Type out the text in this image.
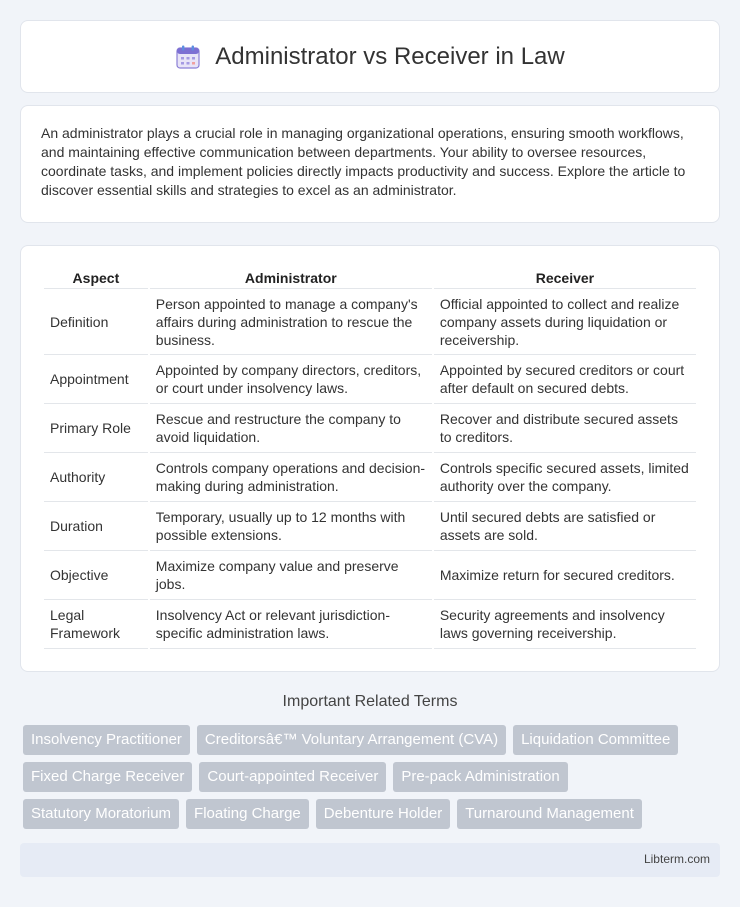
Administrator vs Receiver in Law

An administrator plays a crucial role in managing organizational operations, ensuring smooth workflows, and maintaining effective communication between departments. Your ability to oversee resources, coordinate tasks, and implement policies directly impacts productivity and success. Explore the article to discover essential skills and strategies to excel as an administrator.

Aspect	Administrator	Receiver
Definition	Person appointed to manage a company's affairs during administration to rescue the business.	Official appointed to collect and realize company assets during liquidation or receivership.
Appointment	Appointed by company directors, creditors, or court under insolvency laws.	Appointed by secured creditors or court after default on secured debts.
Primary Role	Rescue and restructure the company to avoid liquidation.	Recover and distribute secured assets to creditors.
Authority	Controls company operations and decision-making during administration.	Controls specific secured assets, limited authority over the company.
Duration	Temporary, usually up to 12 months with possible extensions.	Until secured debts are satisfied or assets are sold.
Objective	Maximize company value and preserve jobs.	Maximize return for secured creditors.
Legal Framework	Insolvency Act or relevant jurisdiction-specific administration laws.	Security agreements and insolvency laws governing receivership.
Important Related Terms
Insolvency Practitioner	Creditorsâ€™ Voluntary Arrangement (CVA)	Liquidation Committee
Fixed Charge Receiver	Court-appointed Receiver	Pre-pack Administration
Statutory Moratorium	Floating Charge	Debenture Holder	Turnaround Management
Libterm.com
